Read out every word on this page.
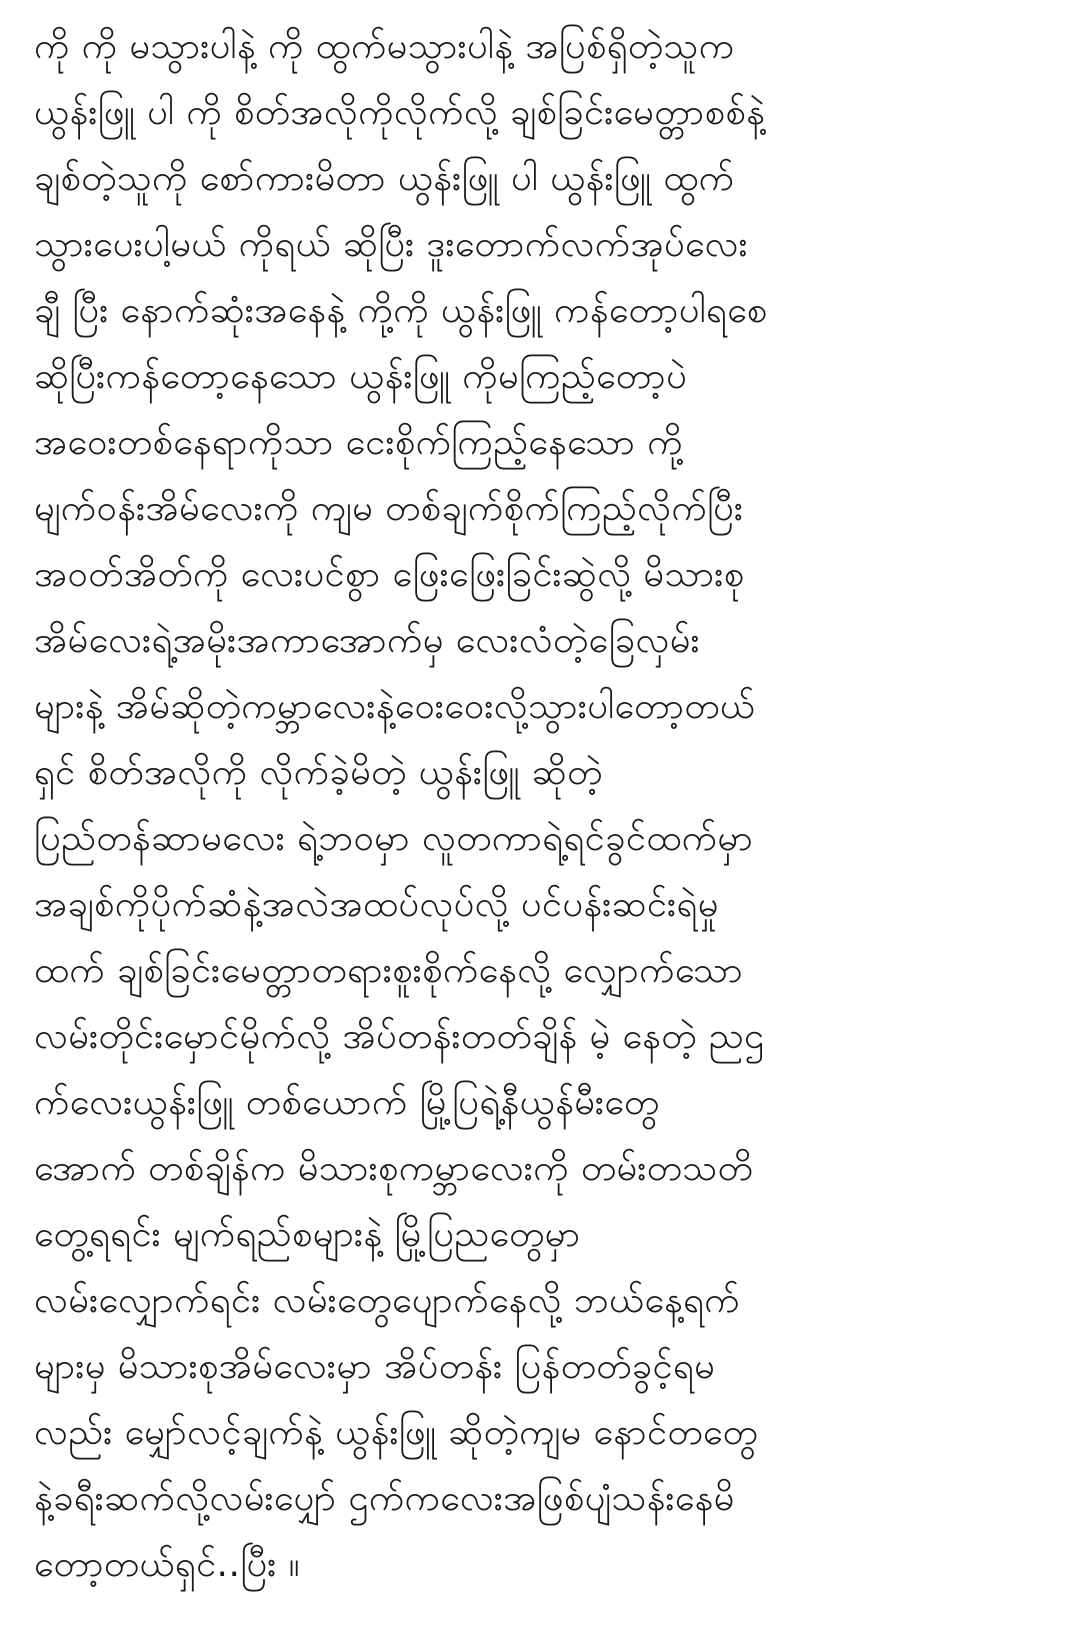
ကို ကို မသွားပါနဲ့ ကို ထွက်မသွားပါနဲ့ အပြစ်ရှိတဲ့သူက
ယွန်းဖြူ ပါ ကို စိတ်အလိုကိုလိုက်လို့ ချစ်ခြင်းမေတ္တာစစ်နဲ့
ချစ်တဲ့သူကို စော်ကားမိတာ ယွန်းဖြူ ပါ ယွန်းဖြူ ထွက်
သွားပေးပါ့မယ် ကိုရယ် ဆိုပြီး ဒူးတောက်လက်အုပ်လေး
ချီ ပြီး နောက်ဆုံးအနေနဲ့ ကို့ကို ယွန်းဖြူ ကန်တော့ပါရစေ
ဆိုပြီးကန်တော့နေသော ယွန်းဖြူ ကိုမကြည့်တော့ပဲ
အဝေးတစ်နေရာကိုသာ ငေးစိုက်ကြည့်နေသော ကို့
မျက်ဝန်းအိမ်လေးကို ကျမ တစ်ချက်စိုက်ကြည့်လိုက်ပြီး
အဝတ်အိတ်ကို လေးပင်စွာ ဖြေးဖြေးခြင်းဆွဲလို့ မိသားစု
အိမ်လေးရဲ့အမိုးအကာအောက်မှ လေးလံတဲ့ခြေလှမ်း
များနဲ့ အိမ်ဆိုတဲ့ကမ္ဘာလေးနဲ့ဝေးဝေးလို့သွားပါတော့တယ်
ရှင် စိတ်အလိုကို လိုက်ခဲ့မိတဲ့ ယွန်းဖြူ ဆိုတဲ့
ပြည်တန်ဆာမလေး ရဲ့ဘဝမှာ လူတကာရဲ့ရင်ခွင်ထက်မှာ
အချစ်ကိုပိုက်ဆံနဲ့အလဲအထပ်လုပ်လို့ ပင်ပန်းဆင်းရဲမှု
ထက် ချစ်ခြင်းမေတ္တာတရားစူးစိုက်နေလို့ လျှောက်သော
လမ်းတိုင်းမှောင်မိုက်လို့ အိပ်တန်းတတ်ချိန် မဲ့ နေတဲ့ ညဌ
က်လေးယွန်းဖြူ တစ်ယောက် မြို့ပြရဲ့နီယွန်မီးတွေ
အောက် တစ်ချိန်က မိသားစုကမ္ဘာလေးကို တမ်းတသတိ
တွေ့ရရင်း မျက်ရည်စများနဲ့ မြို့ပြညတွေမှာ
လမ်းလျှောက်ရင်း လမ်းတွေပျောက်နေလို့ ဘယ်နေ့ရက်
များမှ မိသားစုအိမ်လေးမှာ အိပ်တန်း ပြန်တတ်ခွင့်ရမ
လည်း မျှော်လင့်ချက်နဲ့ ယွန်းဖြူ ဆိုတဲ့ကျမ နောင်တတွေ
နဲ့ခရီးဆက်လို့လမ်းပျှော် ဌက်ကလေးအဖြစ်ပျံသန်းနေမိ
တော့တယ်ရှင်..ပြီး ။
